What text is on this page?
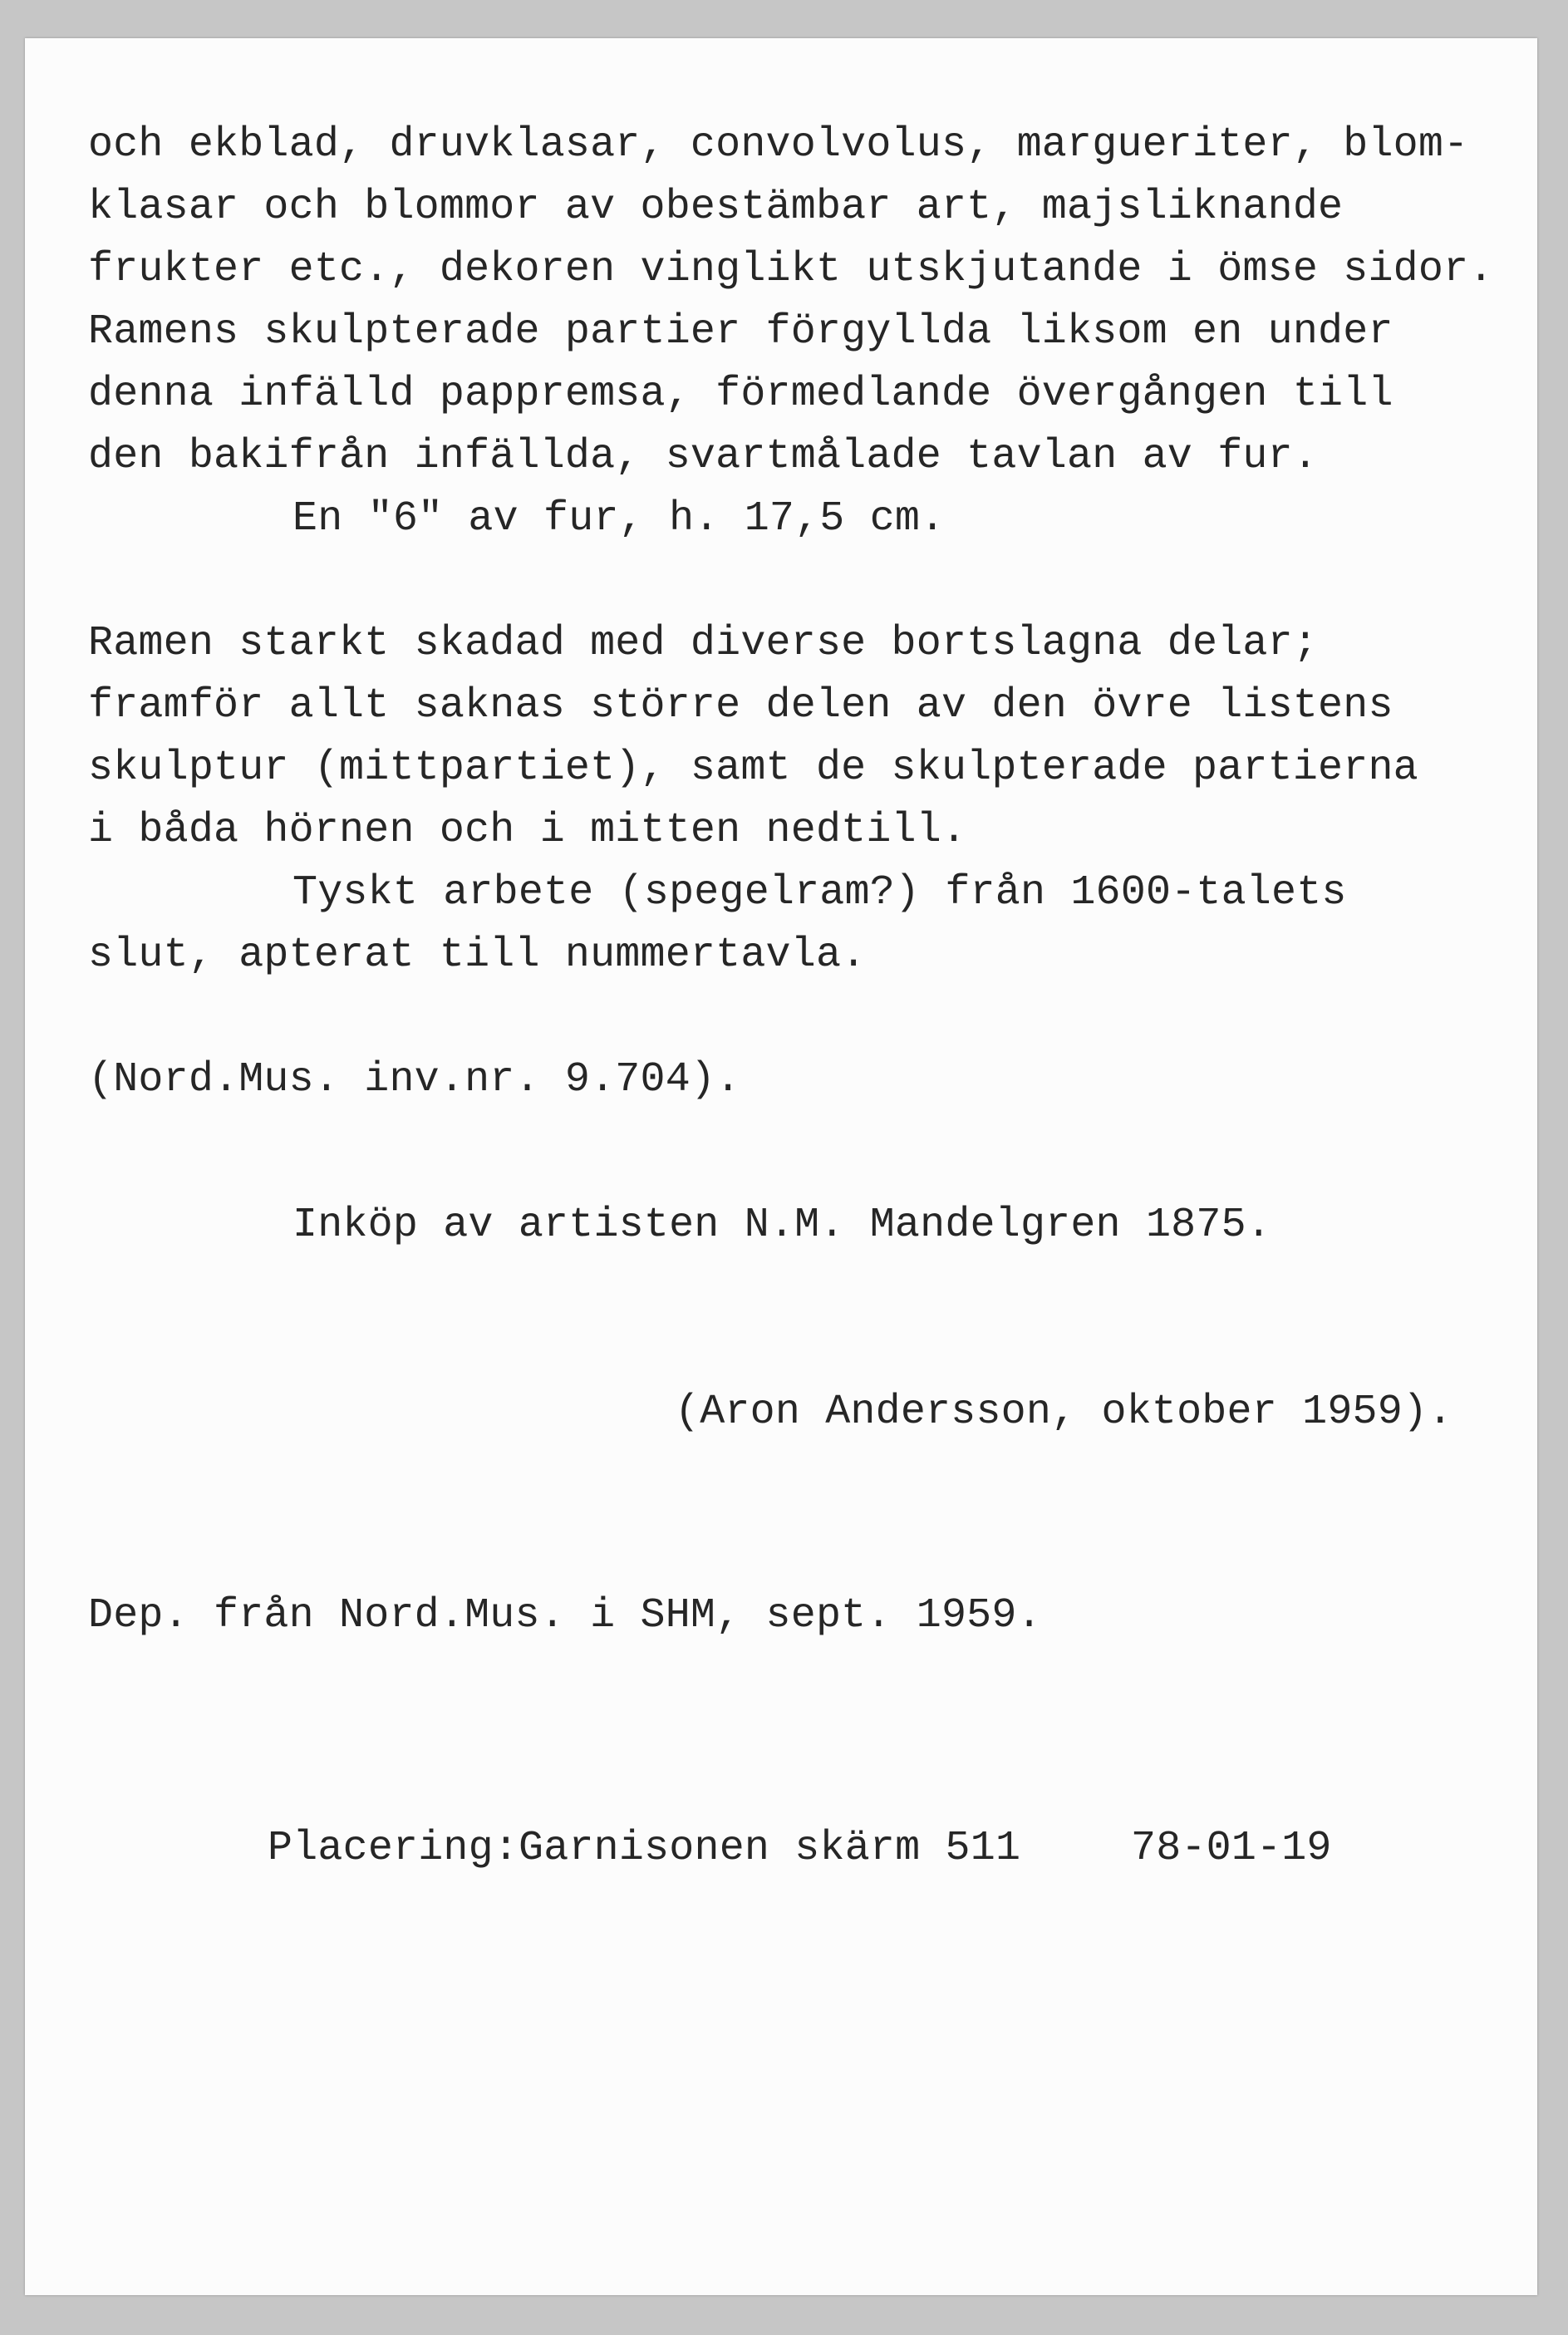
och ekblad, druvklasar, convolvolus, margueriter, blom-

klasar och blommor av obestämbar art, majsliknande

frukter etc., dekoren vinglikt utskjutande i ömse sidor.

Ramens skulpterade partier förgyllda liksom en under

denna infälld pappremsa, förmedlande övergången till

den bakifrån infällda, svartmålade tavlan av fur.

En "6" av fur, h. 17,5 cm.

Ramen starkt skadad med diverse bortslagna delar;

framför allt saknas större delen av den övre listens

skulptur (mittpartiet), samt de skulpterade partierna

i båda hörnen och i mitten nedtill.

Tyskt arbete (spegelram?) från 1600-talets

slut, apterat till nummertavla.

(Nord.Mus. inv.nr. 9.704).

Inköp av artisten N.M. Mandelgren 1875.

(Aron Andersson, oktober 1959).

Dep. från Nord.Mus. i SHM, sept. 1959.

Placering:Garnisonen skärm 511	78-01-19
